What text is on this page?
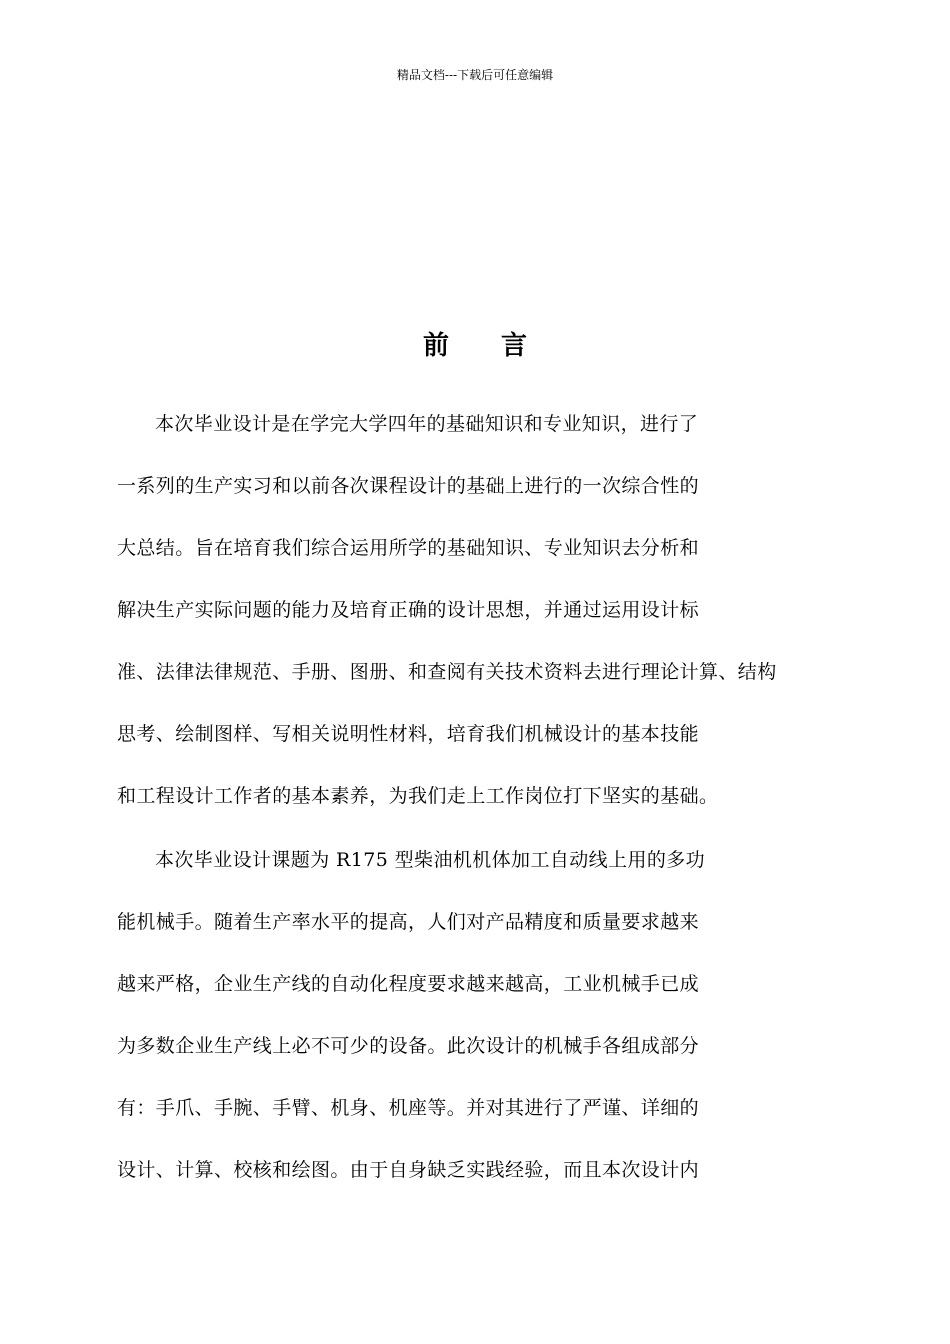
精品文档---下载后可任意编辑
前 言
本次毕业设计是在学完大学四年的基础知识和专业知识，进行了
一系列的生产实习和以前各次课程设计的基础上进行的一次综合性的
大总结。旨在培育我们综合运用所学的基础知识、专业知识去分析和
解决生产实际问题的能力及培育正确的设计思想，并通过运用设计标
准、法律法律规范、手册、图册、和查阅有关技术资料去进行理论计算、结构
思考、绘制图样、写相关说明性材料，培育我们机械设计的基本技能
和工程设计工作者的基本素养，为我们走上工作岗位打下坚实的基础。
本次毕业设计课题为 R175 型柴油机机体加工自动线上用的多功
能机械手。随着生产率水平的提高，人们对产品精度和质量要求越来
越来严格，企业生产线的自动化程度要求越来越高，工业机械手已成
为多数企业生产线上必不可少的设备。此次设计的机械手各组成部分
有：手爪、手腕、手臂、机身、机座等。并对其进行了严谨、详细的
设计、计算、校核和绘图。由于自身缺乏实践经验，而且本次设计内
